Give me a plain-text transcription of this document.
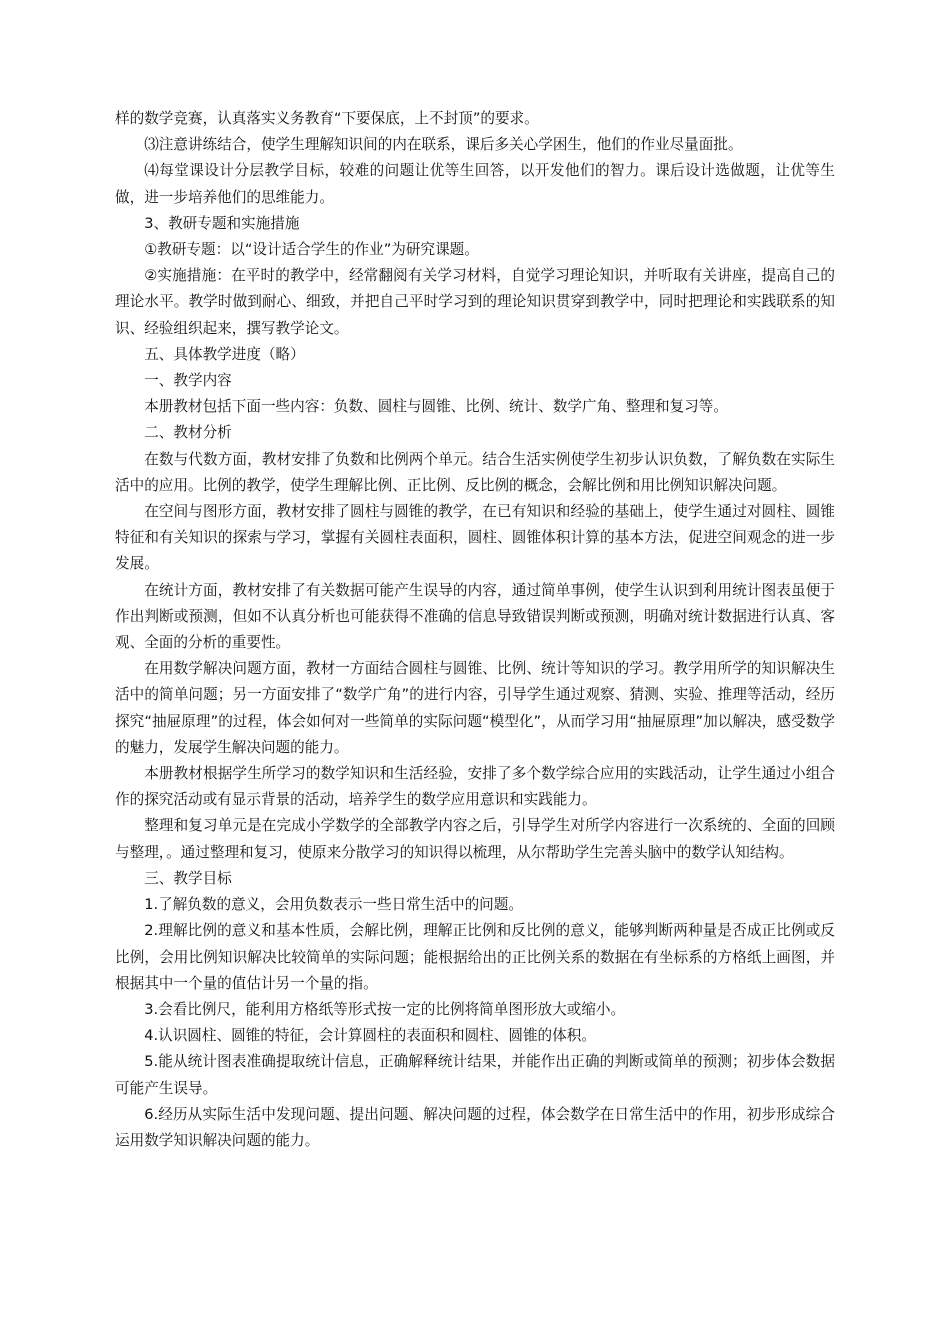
样的数学竞赛，认真落实义务教育“下要保底，上不封顶”的要求。

⑶注意讲练结合，使学生理解知识间的内在联系，课后多关心学困生，他们的作业尽量面批。

⑷每堂课设计分层教学目标，较难的问题让优等生回答，以开发他们的智力。课后设计选做题，让优等生做，进一步培养他们的思维能力。

3、教研专题和实施措施

①教研专题：以“设计适合学生的作业”为研究课题。

②实施措施：在平时的教学中，经常翻阅有关学习材料，自觉学习理论知识，并听取有关讲座，提高自己的理论水平。教学时做到耐心、细致，并把自己平时学习到的理论知识贯穿到教学中，同时把理论和实践联系的知识、经验组织起来，撰写教学论文。

五、具体教学进度（略）

一、教学内容

本册教材包括下面一些内容：负数、圆柱与圆锥、比例、统计、数学广角、整理和复习等。

二、教材分析

在数与代数方面，教材安排了负数和比例两个单元。结合生活实例使学生初步认识负数，了解负数在实际生活中的应用。比例的教学，使学生理解比例、正比例、反比例的概念，会解比例和用比例知识解决问题。

在空间与图形方面，教材安排了圆柱与圆锥的教学，在已有知识和经验的基础上，使学生通过对圆柱、圆锥特征和有关知识的探索与学习，掌握有关圆柱表面积，圆柱、圆锥体积计算的基本方法，促进空间观念的进一步发展。

在统计方面，教材安排了有关数据可能产生误导的内容，通过简单事例，使学生认识到利用统计图表虽便于作出判断或预测，但如不认真分析也可能获得不准确的信息导致错误判断或预测，明确对统计数据进行认真、客观、全面的分析的重要性。

在用数学解决问题方面，教材一方面结合圆柱与圆锥、比例、统计等知识的学习。教学用所学的知识解决生活中的简单问题；另一方面安排了“数学广角”的进行内容，引导学生通过观察、猜测、实验、推理等活动，经历探究“抽屉原理”的过程，体会如何对一些简单的实际问题“模型化”，从而学习用“抽屉原理”加以解决，感受数学的魅力，发展学生解决问题的能力。

本册教材根据学生所学习的数学知识和生活经验，安排了多个数学综合应用的实践活动，让学生通过小组合作的探究活动或有显示背景的活动，培养学生的数学应用意识和实践能力。

整理和复习单元是在完成小学数学的全部教学内容之后，引导学生对所学内容进行一次系统的、全面的回顾与整理，。通过整理和复习，使原来分散学习的知识得以梳理，从尔帮助学生完善头脑中的数学认知结构。

三、教学目标

1.了解负数的意义，会用负数表示一些日常生活中的问题。

2.理解比例的意义和基本性质，会解比例，理解正比例和反比例的意义，能够判断两种量是否成正比例或反比例，会用比例知识解决比较简单的实际问题；能根据给出的正比例关系的数据在有坐标系的方格纸上画图，并根据其中一个量的值估计另一个量的指。

3.会看比例尺，能利用方格纸等形式按一定的比例将简单图形放大或缩小。

4.认识圆柱、圆锥的特征，会计算圆柱的表面积和圆柱、圆锥的体积。

5.能从统计图表准确提取统计信息，正确解释统计结果，并能作出正确的判断或简单的预测；初步体会数据可能产生误导。

6.经历从实际生活中发现问题、提出问题、解决问题的过程，体会数学在日常生活中的作用，初步形成综合运用数学知识解决问题的能力。
